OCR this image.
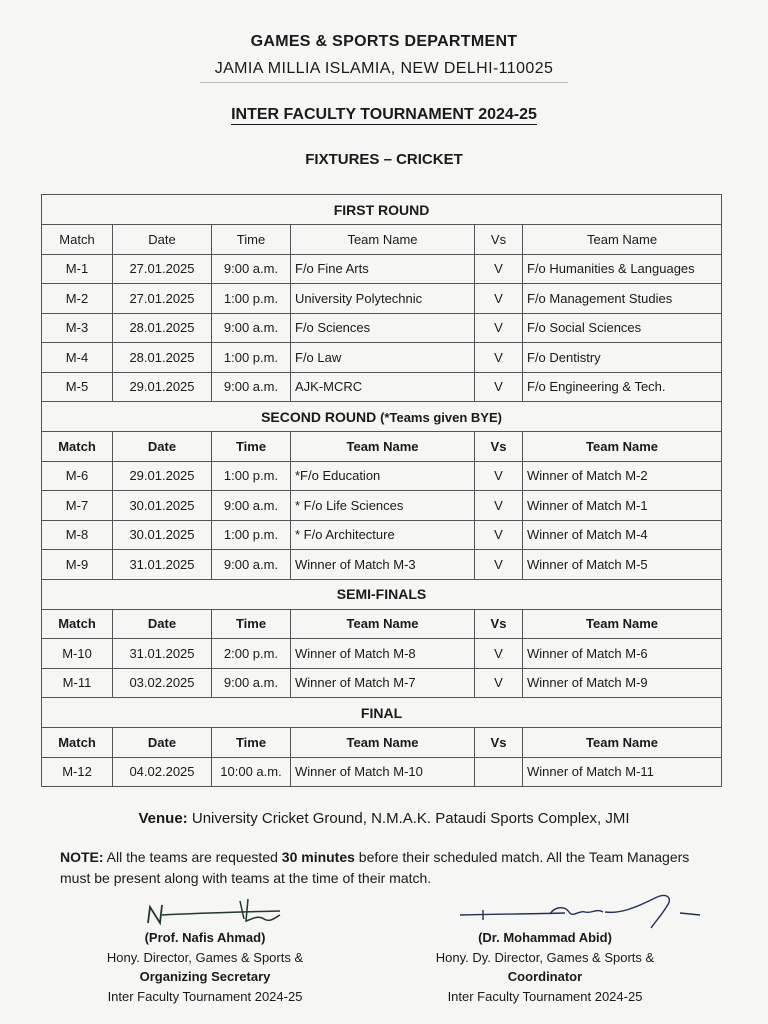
GAMES & SPORTS DEPARTMENT
JAMIA MILLIA ISLAMIA, NEW DELHI-110025
INTER FACULTY TOURNAMENT 2024-25
FIXTURES – CRICKET
FIRST ROUND					
Match	Date	Time	Team Name	Vs	Team Name
M-1	27.01.2025	9:00 a.m.	F/o Fine Arts	V	F/o Humanities & Languages
M-2	27.01.2025	1:00 p.m.	University Polytechnic	V	F/o Management Studies
M-3	28.01.2025	9:00 a.m.	F/o Sciences	V	F/o Social Sciences
M-4	28.01.2025	1:00 p.m.	F/o Law	V	F/o Dentistry
M-5	29.01.2025	9:00 a.m.	AJK-MCRC	V	F/o Engineering & Tech.
SECOND ROUND (*Teams given BYE)					
Match	Date	Time	Team Name	Vs	Team Name
M-6	29.01.2025	1:00 p.m.	*F/o Education	V	Winner of Match M-2
M-7	30.01.2025	9:00 a.m.	* F/o Life Sciences	V	Winner of Match M-1
M-8	30.01.2025	1:00 p.m.	* F/o Architecture	V	Winner of Match M-4
M-9	31.01.2025	9:00 a.m.	Winner of Match M-3	V	Winner of Match M-5
SEMI-FINALS					
Match	Date	Time	Team Name	Vs	Team Name
M-10	31.01.2025	2:00 p.m.	Winner of Match M-8	V	Winner of Match M-6
M-11	03.02.2025	9:00 a.m.	Winner of Match M-7	V	Winner of Match M-9
FINAL					
Match	Date	Time	Team Name	Vs	Team Name
M-12	04.02.2025	10:00 a.m.	Winner of Match M-10		Winner of Match M-11
Venue: University Cricket Ground, N.M.A.K. Pataudi Sports Complex, JMI
NOTE: All the teams are requested 30 minutes before their scheduled match. All the Team Managers must be present along with teams at the time of their match.
(Prof. Nafis Ahmad)
Hony. Director, Games & Sports &
Organizing Secretary
Inter Faculty Tournament 2024-25
(Dr. Mohammad Abid)
Hony. Dy. Director, Games & Sports &
Coordinator
Inter Faculty Tournament 2024-25
